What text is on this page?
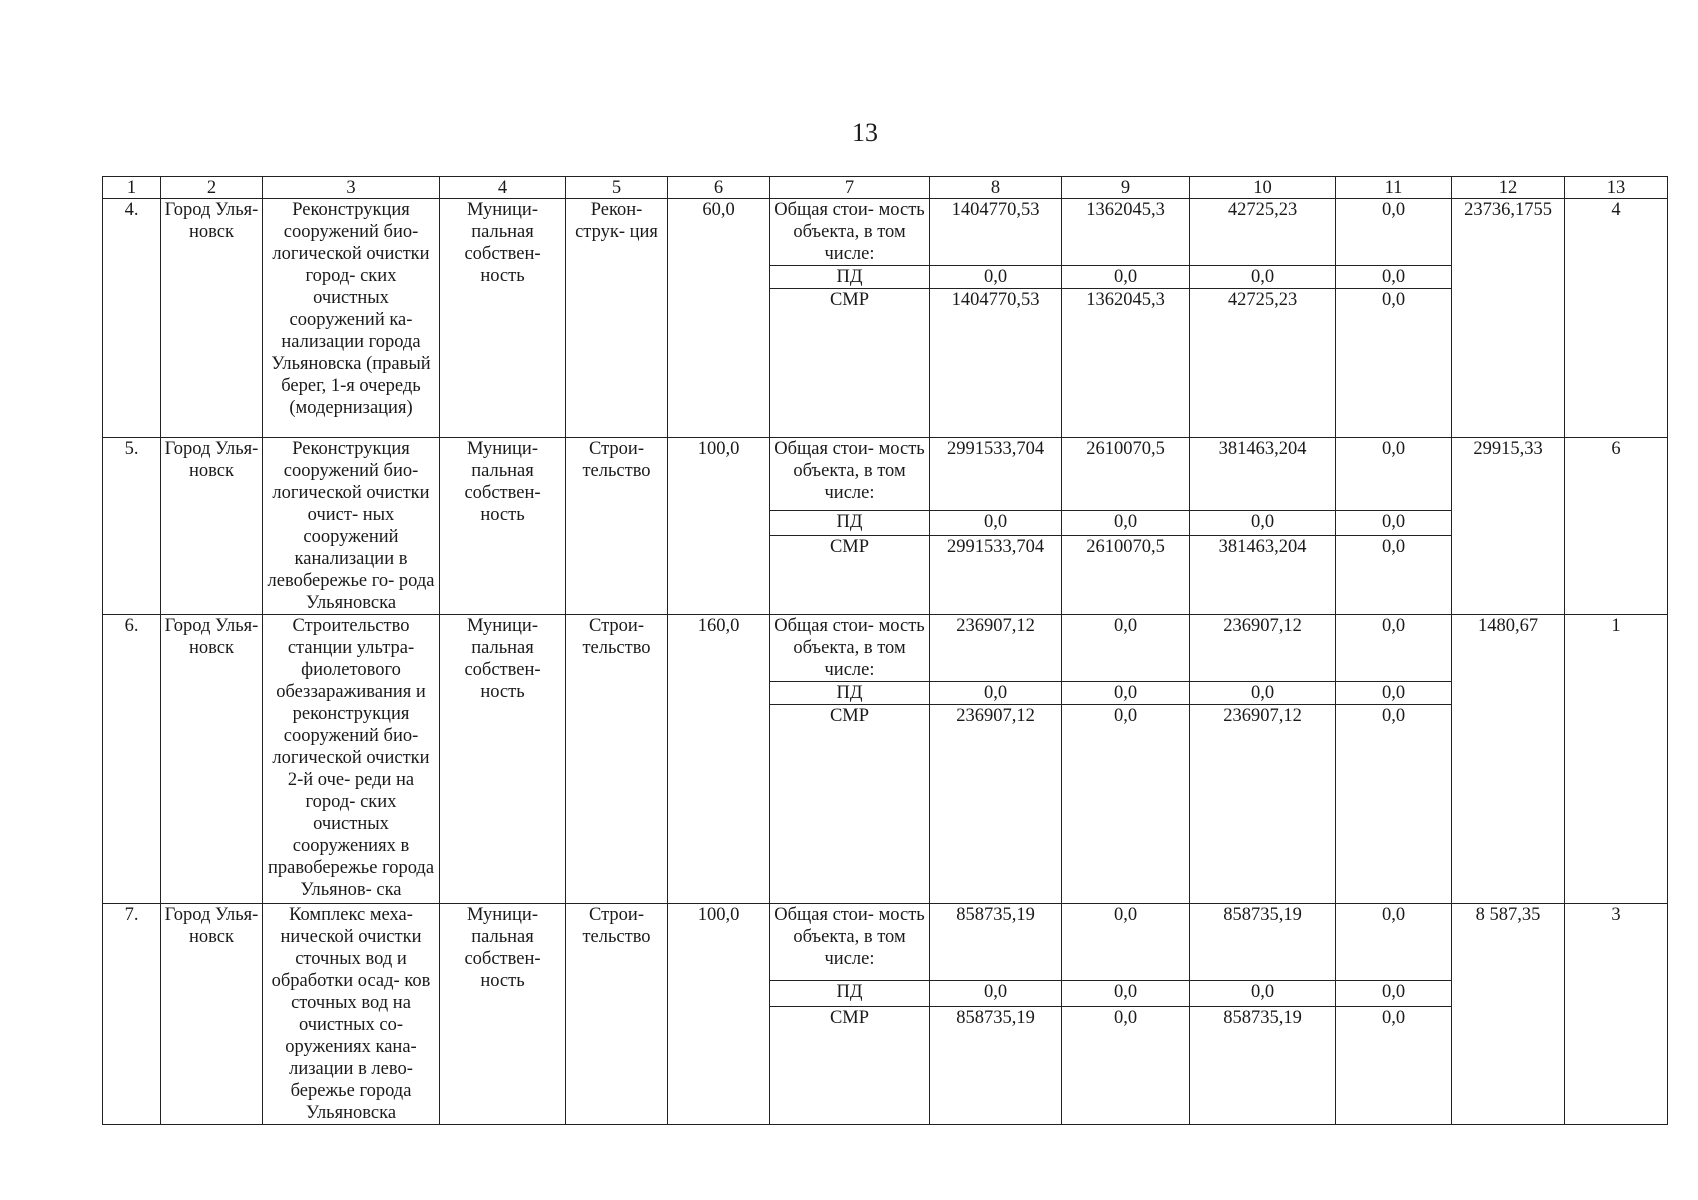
13
1	2	3	4	5	6	7	8	9	10	11	12	13
4.	Город Улья- новск	Реконструкция сооружений био- логической очистки город- ских очистных сооружений ка- нализации города Ульяновска (правый берег, 1-я очередь (модернизация)	Муници- пальная собствен- ность	Рекон- струк- ция	60,0	Общая стои- мость объекта, в том числе:	1404770,53	1362045,3	42725,23	0,0	23736,1755	4
						ПД	0,0	0,0	0,0	0,0		
						СМР	1404770,53	1362045,3	42725,23	0,0		
5.	Город Улья- новск	Реконструкция сооружений био- логической очистки очист- ных сооружений канализации в левобережье го- рода Ульяновска	Муници- пальная собствен- ность	Строи- тельство	100,0	Общая стои- мость объекта, в том числе:	2991533,704	2610070,5	381463,204	0,0	29915,33	6
						ПД	0,0	0,0	0,0	0,0		
						СМР	2991533,704	2610070,5	381463,204	0,0		
6.	Город Улья- новск	Строительство станции ультра- фиолетового обеззараживания и реконструкция сооружений био- логической очистки 2-й оче- реди на город- ских очистных сооружениях в правобережье города Ульянов- ска	Муници- пальная собствен- ность	Строи- тельство	160,0	Общая стои- мость объекта, в том числе:	236907,12	0,0	236907,12	0,0	1480,67	1
						ПД	0,0	0,0	0,0	0,0		
						СМР	236907,12	0,0	236907,12	0,0		
7.	Город Улья- новск	Комплекс меха- нической очистки сточных вод и обработки осад- ков сточных вод на очистных со- оружениях кана- лизации в лево- бережье города Ульяновска	Муници- пальная собствен- ность	Строи- тельство	100,0	Общая стои- мость объекта, в том числе:	858735,19	0,0	858735,19	0,0	8 587,35	3
						ПД	0,0	0,0	0,0	0,0		
						СМР	858735,19	0,0	858735,19	0,0		
